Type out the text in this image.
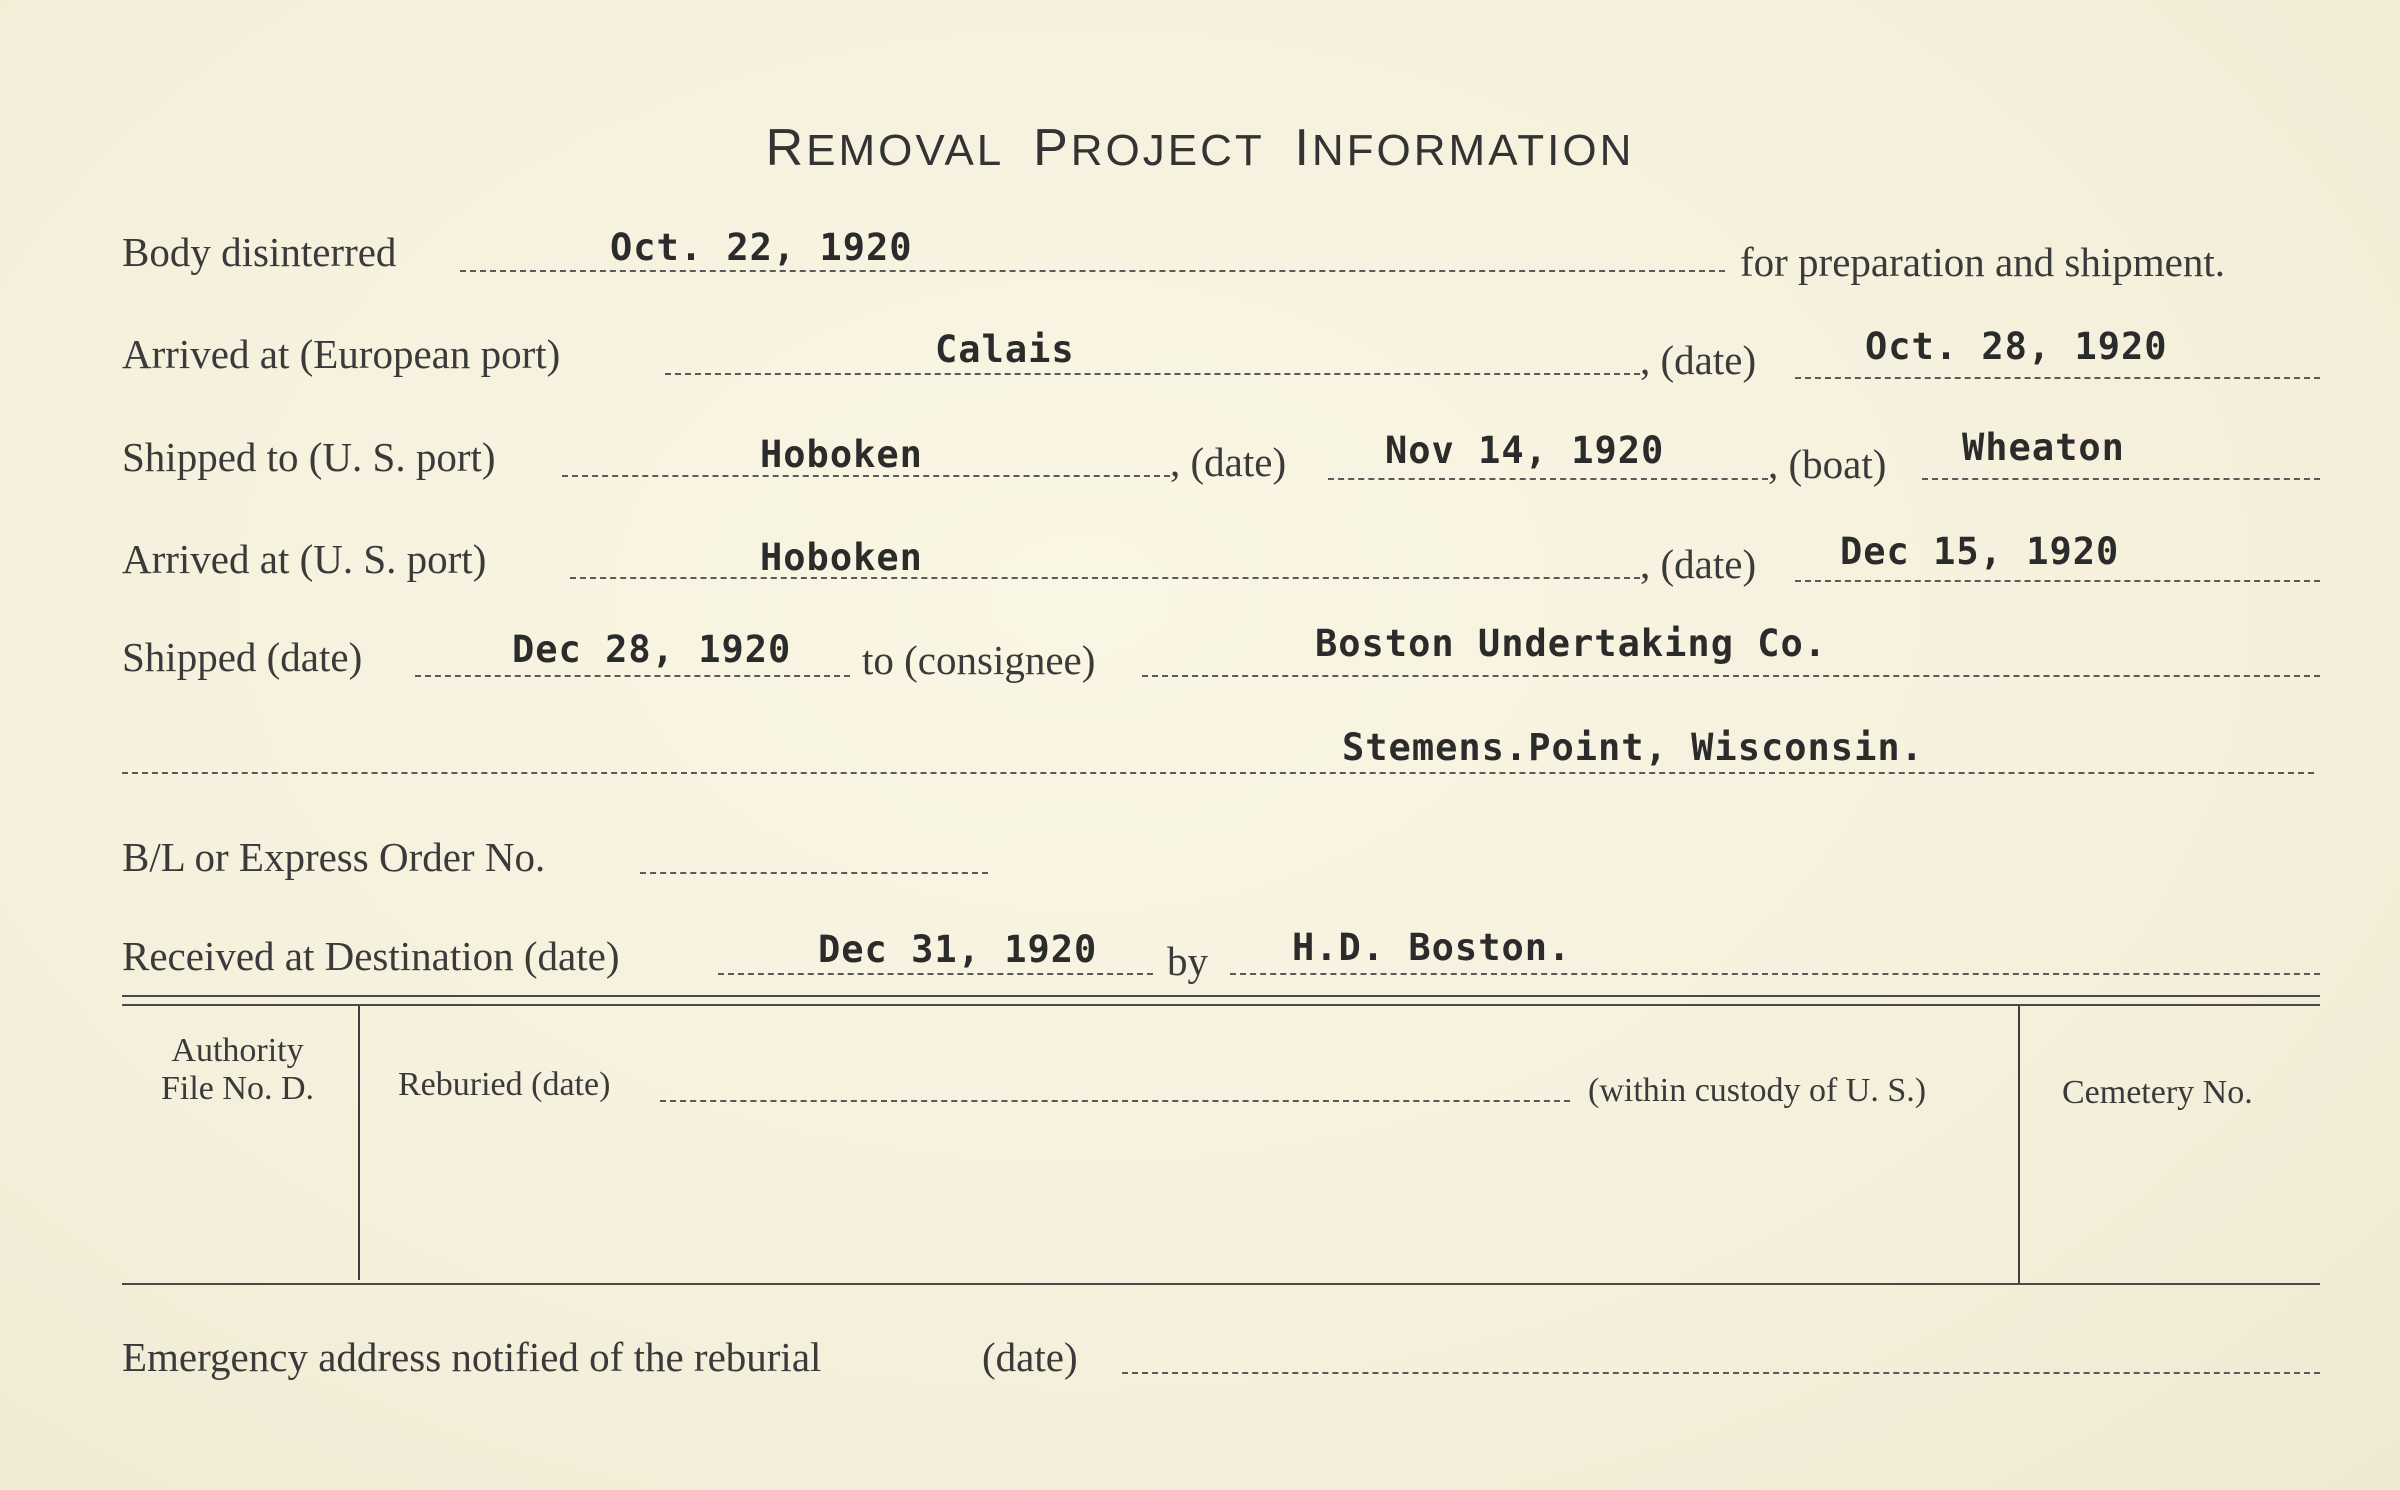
REMOVAL PROJECT INFORMATION
Body disinterred	Oct. 22, 1920	for preparation and shipment.
Arrived at (European port)	Calais	, (date)	Oct. 28, 1920
Shipped to (U. S. port)	Hoboken	, (date)	Nov 14, 1920	, (boat) Wheaton
Arrived at (U. S. port)	Hoboken	, (date) Dec 15, 1920
Shipped (date)	Dec 28, 1920 to (consignee)	Boston Undertaking Co.
Stemens.Point, Wisconsin.
B/L or Express Order No.
Received at Destination (date)	Dec 31, 1920 by H.D. Boston.
Authority
File No. D.	Reburied (date)	(within custody of U. S.)	Cemetery No.
Emergency address notified of the reburial	(date)
